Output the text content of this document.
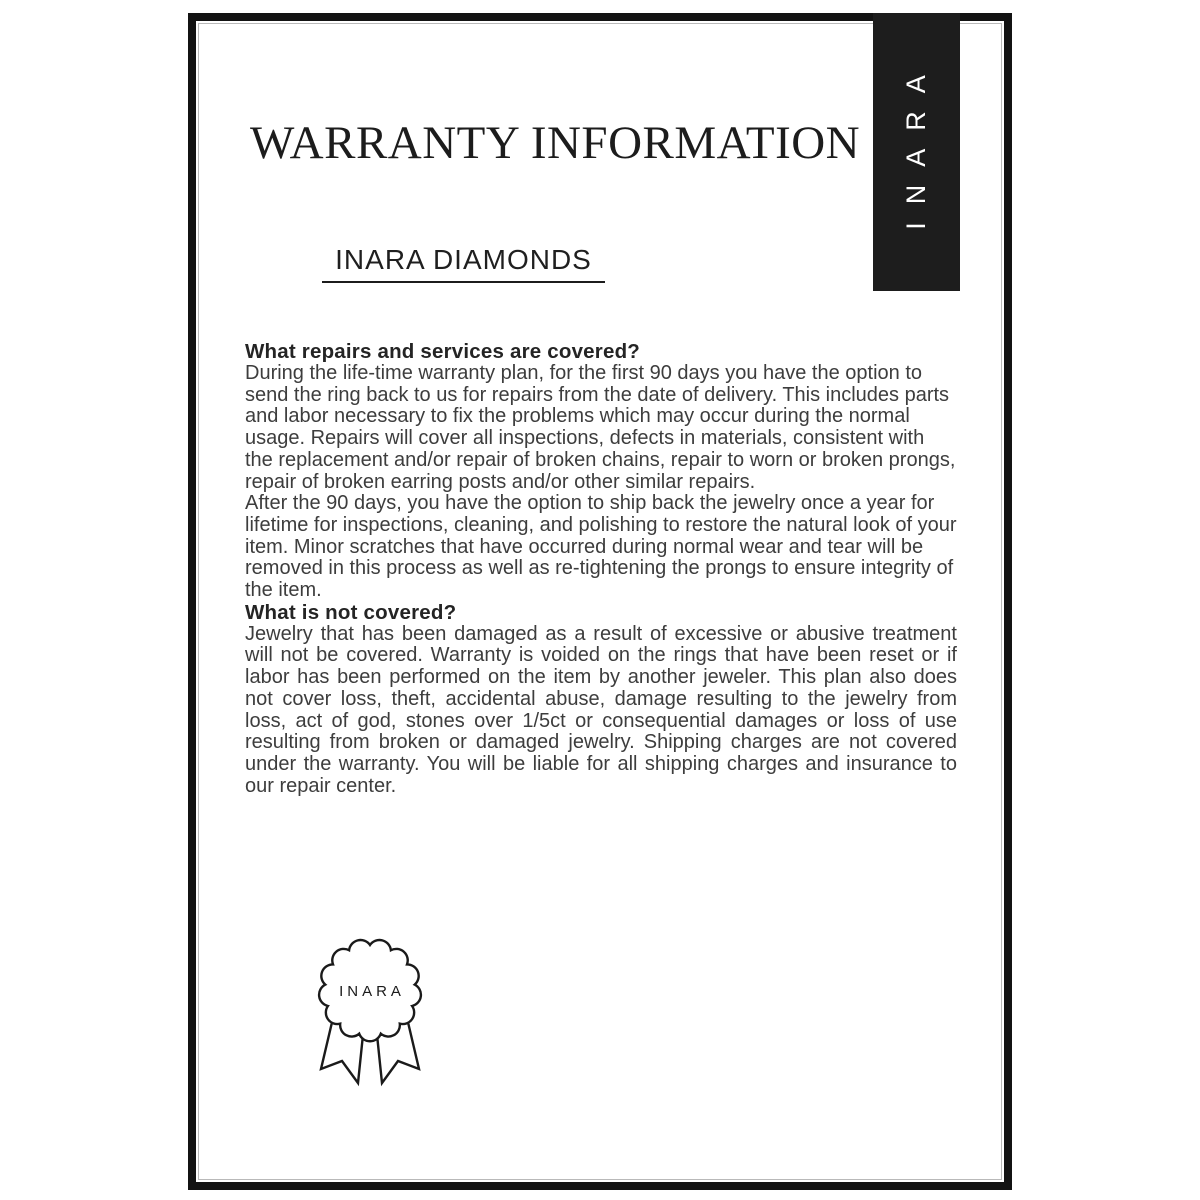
INARA
WARRANTY INFORMATION
INARA DIAMONDS
What repairs and services are covered?

During the life-time warranty plan, for the first 90 days you have the option to send the ring back to us for repairs from the date of delivery. This includes parts and labor necessary to fix the problems which may occur during the normal usage. Repairs will cover all inspections, defects in materials, consistent with the replacement and/or repair of broken chains, repair to worn or broken prongs, repair of broken earring posts and/or other similar repairs.

After the 90 days, you have the option to ship back the jewelry once a year for lifetime for inspections, cleaning, and polishing to restore the natural look of your item. Minor scratches that have occurred during normal wear and tear will be removed in this process as well as re-tightening the prongs to ensure integrity of the item.

What is not covered?

Jewelry that has been damaged as a result of excessive or abusive treatment will not be covered. Warranty is voided on the rings that have been reset or if labor has been performed on the item by another jeweler. This plan also does not cover loss, theft, accidental abuse, damage resulting to the jewelry from loss, act of god, stones over 1/5ct or consequential damages or loss of use resulting from broken or damaged jewelry. Shipping charges are not covered under the warranty. You will be liable for all shipping charges and insurance to our repair center.

INARA
